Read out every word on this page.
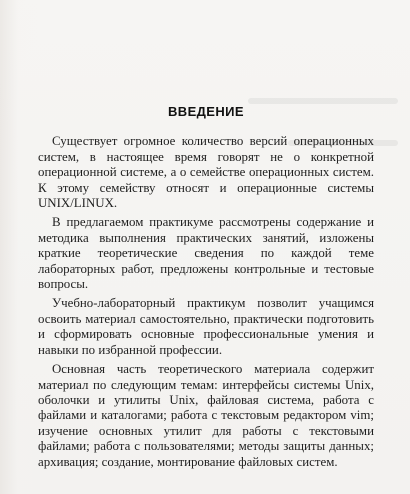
ВВЕДЕНИЕ

Существует огромное количество версий операционных систем, в настоящее время говорят не о конкретной операционной системе, а о семействе операционных систем. К этому семейству относят и операционные системы UNIX/LINUX.

В предлагаемом практикуме рассмотрены содержание и методика выполнения практических занятий, изложены краткие теоретические сведения по каждой теме лабораторных работ, предложены контрольные и тестовые вопросы.

Учебно-лабораторный практикум позволит учащимся освоить материал самостоятельно, практически подготовить и сформировать основные профессиональные умения и навыки по избранной профессии.

Основная часть теоретического материала содержит материал по следующим темам: интерфейсы системы Unix, оболочки и утилиты Unix, файловая система, работа с файлами и каталогами; работа с текстовым редактором vim; изучение основных утилит для работы с текстовыми файлами; работа с пользователями; методы защиты данных; архивация; создание, монтирование файловых систем.
